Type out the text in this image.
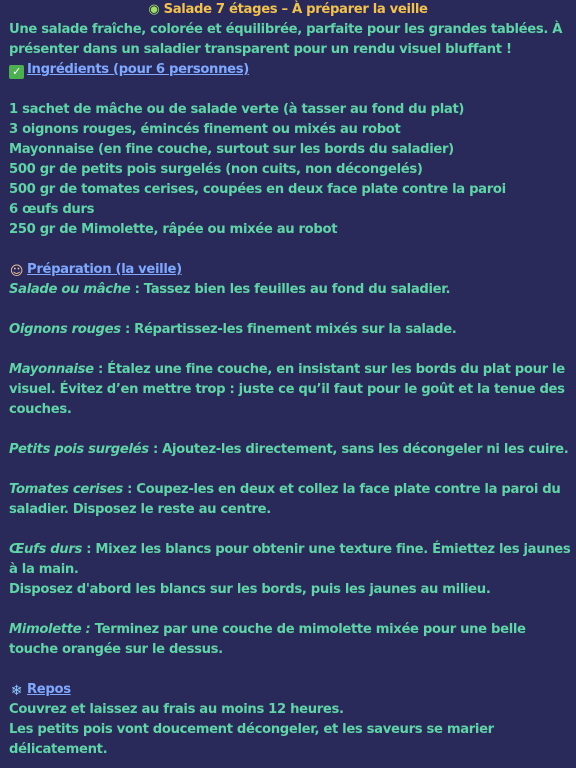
◉ Salade 7 étages – À préparer la veille
Une salade fraîche, colorée et équilibrée, parfaite pour les grandes tablées. À
présenter dans un saladier transparent pour un rendu visuel bluffant !
✓ Ingrédients (pour 6 personnes)
1 sachet de mâche ou de salade verte (à tasser au fond du plat)
3 oignons rouges, émincés finement ou mixés au robot
Mayonnaise (en fine couche, surtout sur les bords du saladier)
500 gr de petits pois surgelés (non cuits, non décongelés)
500 gr de tomates cerises, coupées en deux face plate contre la paroi
6 œufs durs
250 gr de Mimolette, râpée ou mixée au robot
☺ Préparation (la veille)
Salade ou mâche : Tassez bien les feuilles au fond du saladier.
Oignons rouges : Répartissez-les finement mixés sur la salade.
Mayonnaise : Étalez une fine couche, en insistant sur les bords du plat pour le
visuel. Évitez d’en mettre trop : juste ce qu’il faut pour le goût et la tenue des
couches.
Petits pois surgelés : Ajoutez-les directement, sans les décongeler ni les cuire.
Tomates cerises : Coupez-les en deux et collez la face plate contre la paroi du
saladier. Disposez le reste au centre.
Œufs durs : Mixez les blancs pour obtenir une texture fine. Émiettez les jaunes
à la main.
Disposez d'abord les blancs sur les bords, puis les jaunes au milieu.
Mimolette : Terminez par une couche de mimolette mixée pour une belle
touche orangée sur le dessus.
❄ Repos
Couvrez et laissez au frais au moins 12 heures.
Les petits pois vont doucement décongeler, et les saveurs se marier
délicatement.
